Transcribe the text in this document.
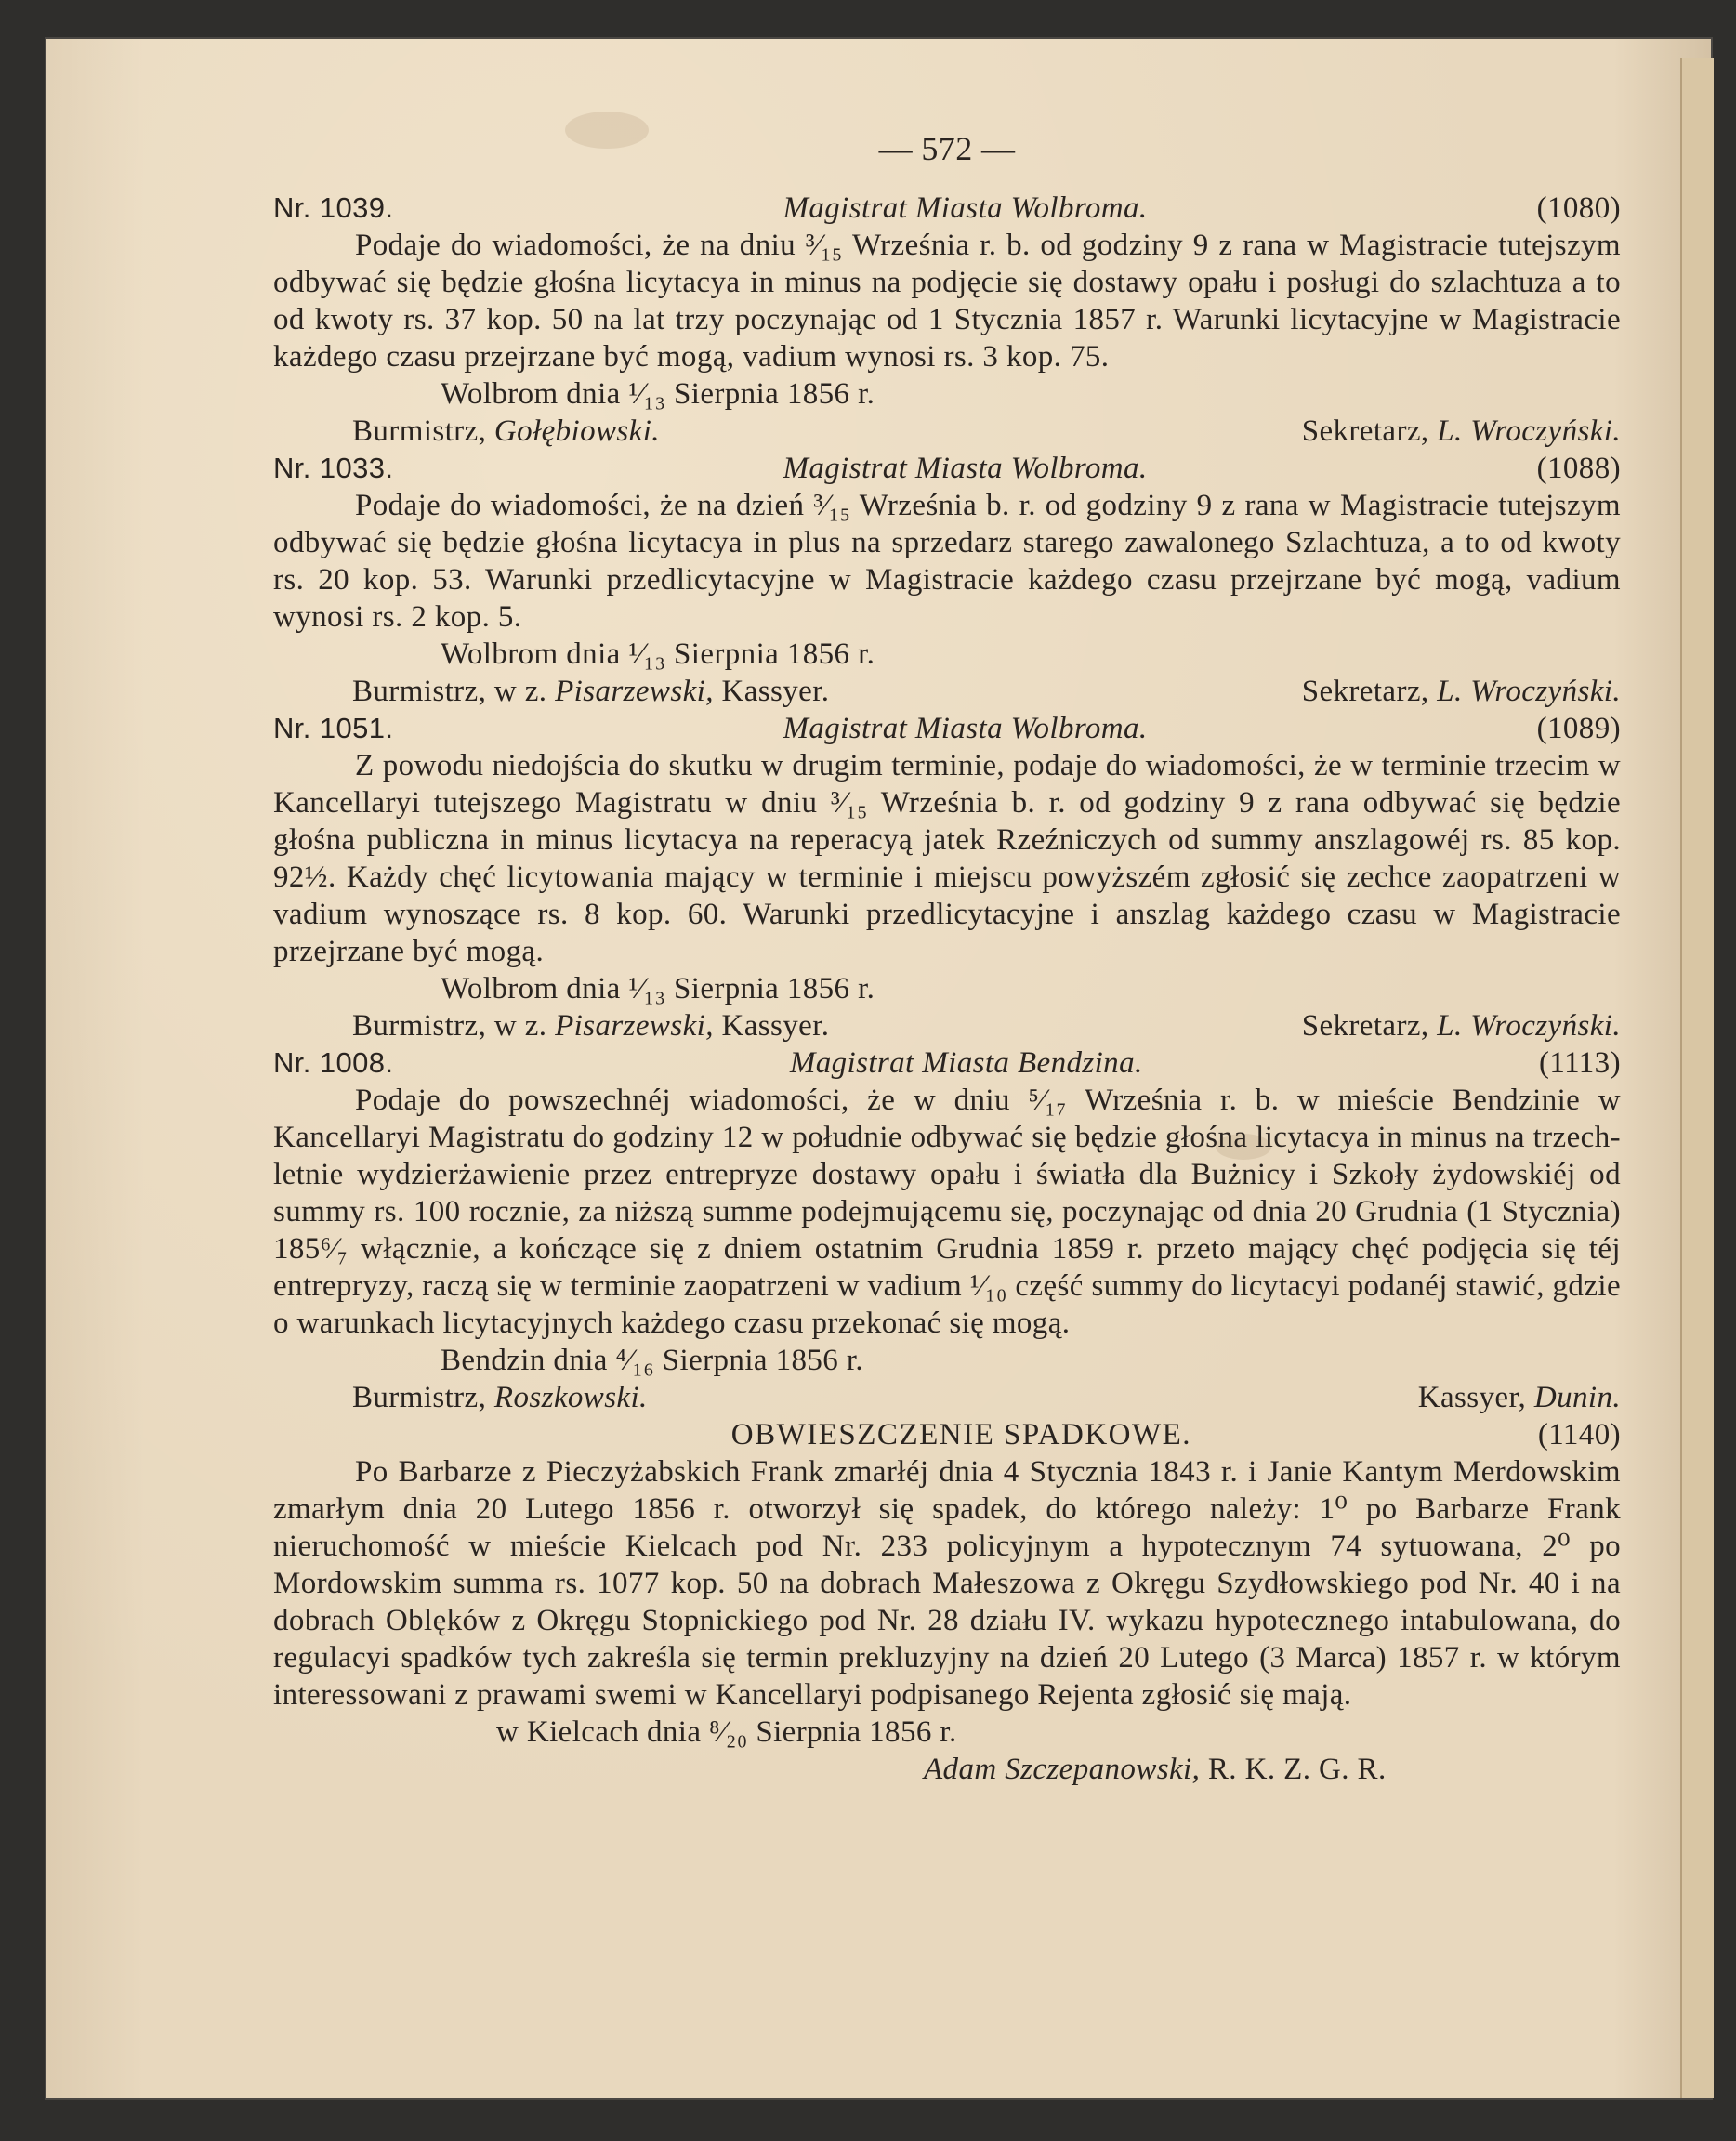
— 572 —
Nr. 1039.	Magistrat Miasta Wolbroma.	(1080)
Podaje do wiadomości, że na dniu ³⁄₁₅ Września r. b. od godziny 9 z rana w Magistracie tutejszym odbywać się będzie głośna licytacya in minus na podjęcie się dostawy opału i posługi do szlachtuza a to od kwoty rs. 37 kop. 50 na lat trzy poczynając od 1 Stycznia 1857 r. Warunki licytacyjne w Magistracie każdego czasu przejrzane być mogą, vadium wynosi rs. 3 kop. 75.
Wolbrom dnia ¹⁄₁₃ Sierpnia 1856 r.
Burmistrz, Gołębiowski.	Sekretarz, L. Wroczyński.
Nr. 1033.	Magistrat Miasta Wolbroma.	(1088)
Podaje do wiadomości, że na dzień ³⁄₁₅ Września b. r. od godziny 9 z rana w Magistracie tutejszym odbywać się będzie głośna licytacya in plus na sprzedarz starego zawalonego Szlachtuza, a to od kwoty rs. 20 kop. 53. Warunki przedlicytacyjne w Magistracie każdego czasu przejrzane być mogą, vadium wynosi rs. 2 kop. 5.
Wolbrom dnia ¹⁄₁₃ Sierpnia 1856 r.
Burmistrz, w z. Pisarzewski, Kassyer.	Sekretarz, L. Wroczyński.
Nr. 1051.	Magistrat Miasta Wolbroma.	(1089)
Z powodu niedojścia do skutku w drugim terminie, podaje do wiadomości, że w terminie trzecim w Kancellaryi tutejszego Magistratu w dniu ³⁄₁₅ Września b. r. od godziny 9 z rana odbywać się będzie głośna publiczna in minus licytacya na reperacyą jatek Rzeźniczych od summy anszlagowéj rs. 85 kop. 92½. Każdy chęć licytowania mający w terminie i miejscu powyższém zgłosić się zechce zaopatrzeni w vadium wynoszące rs. 8 kop. 60. Warunki przedlicytacyjne i anszlag każdego czasu w Magistracie przejrzane być mogą.
Wolbrom dnia ¹⁄₁₃ Sierpnia 1856 r.
Burmistrz, w z. Pisarzewski, Kassyer.	Sekretarz, L. Wroczyński.
Nr. 1008.	Magistrat Miasta Bendzina.	(1113)
Podaje do powszechnéj wiadomości, że w dniu ⁵⁄₁₇ Września r. b. w mieście Bendzinie w Kancellaryi Magistratu do godziny 12 w południe odbywać się będzie głośna licytacya in minus na trzech-letnie wydzierżawienie przez entrepryze dostawy opału i światła dla Bużnicy i Szkoły żydowskiéj od summy rs. 100 rocznie, za niższą summe podejmującemu się, poczynając od dnia 20 Grudnia (1 Stycznia) 185⁶⁄₇ włącznie, a kończące się z dniem ostatnim Grudnia 1859 r. przeto mający chęć podjęcia się téj entrepryzy, raczą się w terminie zaopatrzeni w vadium ¹⁄₁₀ część summy do licytacyi podanéj stawić, gdzie o warunkach licytacyjnych każdego czasu przekonać się mogą.
Bendzin dnia ⁴⁄₁₆ Sierpnia 1856 r.
Burmistrz, Roszkowski.	Kassyer, Dunin.
OBWIESZCZENIE SPADKOWE.	(1140)
Po Barbarze z Pieczyżabskich Frank zmarłéj dnia 4 Stycznia 1843 r. i Janie Kantym Merdowskim zmarłym dnia 20 Lutego 1856 r. otworzył się spadek, do którego należy: 1⁰ po Barbarze Frank nieruchomość w mieście Kielcach pod Nr. 233 policyjnym a hypotecznym 74 sytuowana, 2⁰ po Mordowskim summa rs. 1077 kop. 50 na dobrach Małeszowa z Okręgu Szydłowskiego pod Nr. 40 i na dobrach Oblęków z Okręgu Stopnickiego pod Nr. 28 działu IV. wykazu hypotecznego intabulowana, do regulacyi spadków tych zakreśla się termin prekluzyjny na dzień 20 Lutego (3 Marca) 1857 r. w którym interessowani z prawami swemi w Kancellaryi podpisanego Rejenta zgłosić się mają.
w Kielcach dnia ⁸⁄₂₀ Sierpnia 1856 r.
Adam Szczepanowski, R. K. Z. G. R.
